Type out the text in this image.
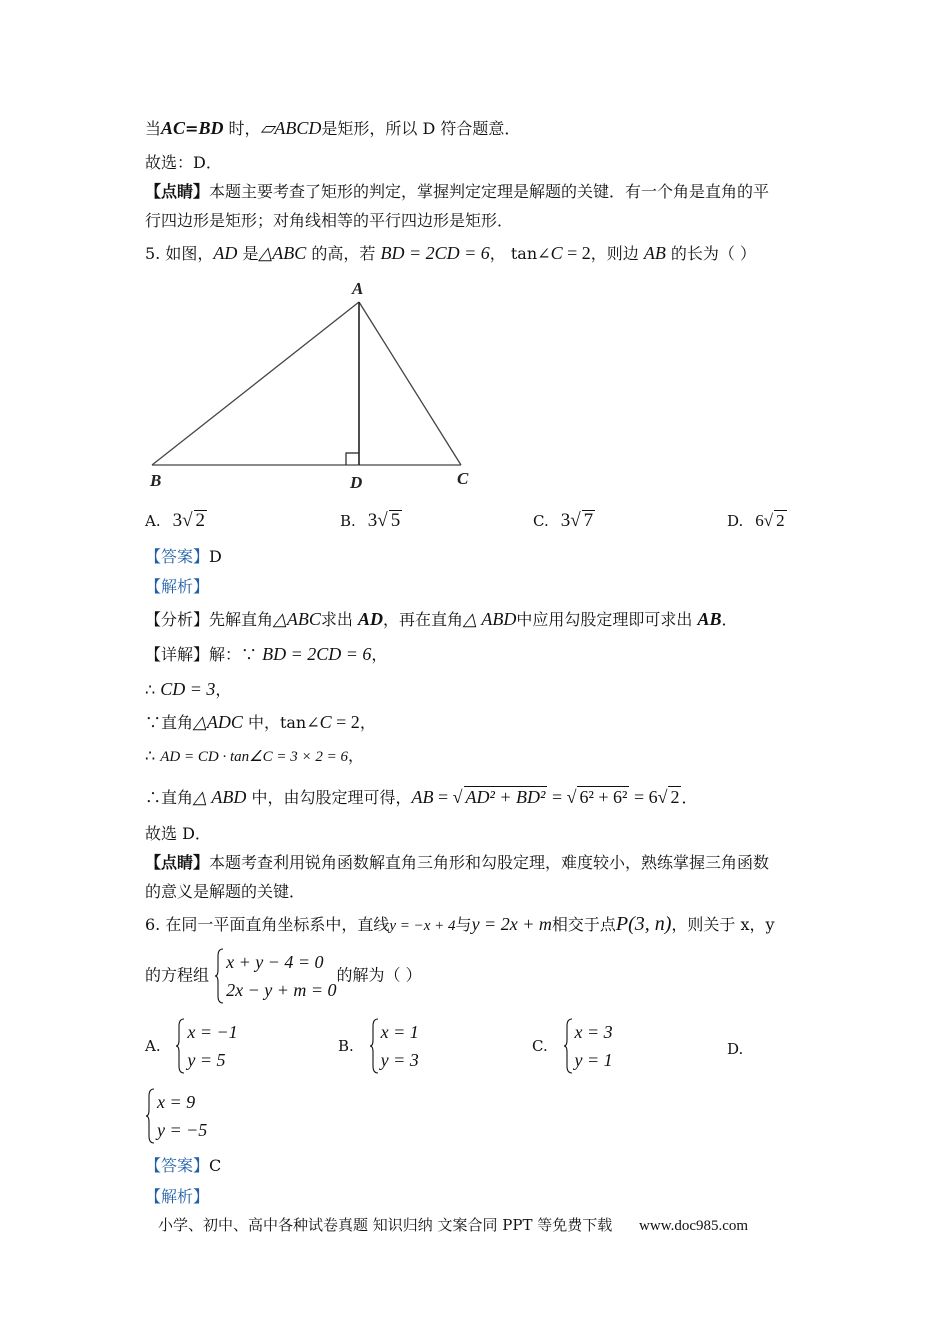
当AC=BD 时，▱ABCD是矩形，所以 D 符合题意．
故选：D．
【点睛】本题主要考查了矩形的判定，掌握判定定理是解题的关键．有一个角是直角的平
行四边形是矩形；对角线相等的平行四边形是矩形．
5. 如图，AD 是△ABC 的高，若 BD = 2CD = 6， tan∠C = 2，则边 AB 的长为（ ）
A
B	D	C
A. 3√ 2	B. 3√ 5	C. 3√ 7	D. 6√ 2
【答案】D
【解析】
【分析】先解直角△ABC求出 AD，再在直角△ ABD中应用勾股定理即可求出 AB．
【详解】解：∵ BD = 2CD = 6，
∴ CD = 3，
∵直角△ADC 中，tan∠C = 2，
∴ AD = CD · tan∠C = 3 × 2 = 6，
∴直角△ ABD 中，由勾股定理可得，AB = √ AD² + BD² = √ 6² + 6² = 6√ 2 ．
故选 D．
【点睛】本题考查利用锐角函数解直角三角形和勾股定理，难度较小，熟练掌握三角函数
的意义是解题的关键．
6. 在同一平面直角坐标系中，直线y = −x + 4与y = 2x + m相交于点P(3, n)，则关于 x，y
的方程组
x + y − 4 = 0
2x − y + m = 0
的解为（ ）
A.
x = −1
y = 5
B.
x = 1
y = 3
C.
x = 3
y = 1
D.
x = 9
y = −5
【答案】C
【解析】
小学、初中、高中各种试卷真题 知识归纳 文案合同 PPT 等免费下载 www.doc985.com
